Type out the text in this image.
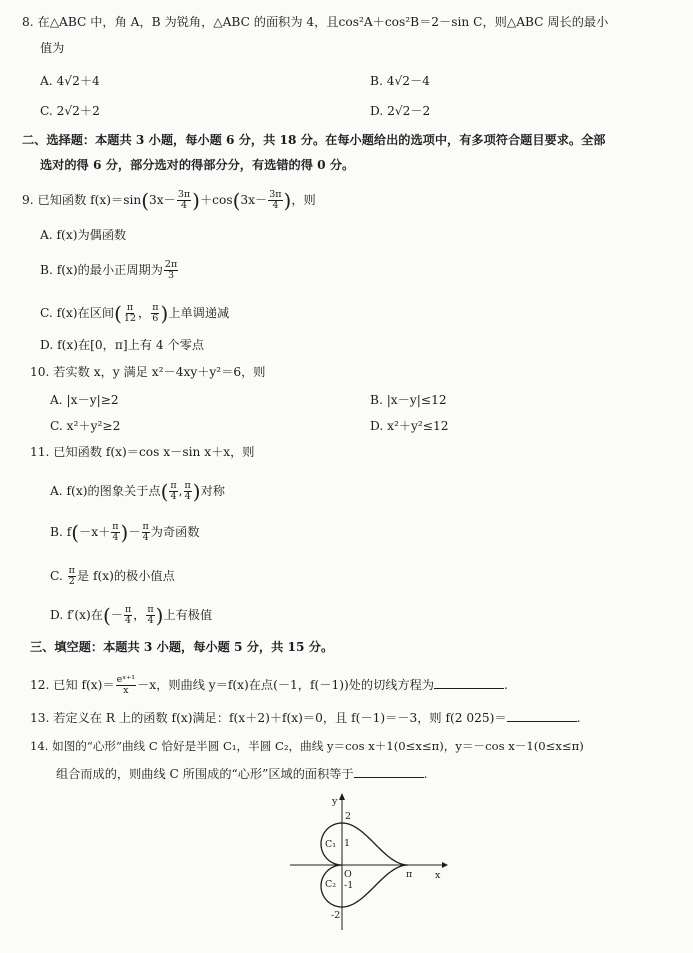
8. 在△ABC 中，角 A，B 为锐角，△ABC 的面积为 4，且cos²A＋cos²B＝2－sin C，则△ABC 周长的最小
值为
A. 4√2＋4	B. 4√2－4
C. 2√2＋2	D. 2√2－2
二、选择题：本题共 3 小题，每小题 6 分，共 18 分。在每小题给出的选项中，有多项符合题目要求。全部
选对的得 6 分，部分选对的得部分分，有选错的得 0 分。
9. 已知函数 $f(x)=\sin(3x- \frac{3\pi}{4} )+\cos(3x- \frac{3\pi}{4}$ )，则
A. f(x)为偶函数
B. f(x)的最小正周期为 $\frac{2\pi}{3}$
C. f(x)在区间( $\frac{\pi}{12}$ ， $\frac{\pi}{6}$ )上单调递减
D. f(x)在[0，π]上有 4 个零点
10. 若实数 x，y 满足 x²－4xy＋y²＝6，则
A. |x－y|≥2	B. |x－y|≤12
C. x²＋y²≥2	D. x²＋y²≤12
11. 已知函数 f(x)＝cos x－sin x＋x，则
A. f(x)的图象关于点( $\frac{\pi}{4}$ , $\frac{\pi}{4}$ )对称
B. $f(-x+ \frac{\pi}{4}$ )－ $\frac{\pi}{4}$ 为奇函数
C. $\frac{\pi}{2}$ 是 f(x)的极小值点
D. f′(x)在(－ $\frac{\pi}{4}$ ， $\frac{\pi}{4}$ )上有极值
三、填空题：本题共 3 小题，每小题 5 分，共 15 分。
12. 已知 $f(x)= \frac{\text{eˣ⁺¹}}{x} -x$，则曲线 y＝f(x)在点(－1，f(－1))处的切线方程为	.
13. 若定义在 R 上的函数 f(x)满足：f(x＋2)＋f(x)＝0，且 f(－1)＝－3，则 f(2 025)＝	.
14. 如图的“心形”曲线 C 恰好是半圆 C₁，半圆 C₂，曲线 y＝cos x＋1(0≤x≤π)，y＝－cos x－1(0≤x≤π)
组合而成的，则曲线 C 所围成的“心形”区域的面积等于	.
y
x
O
2
1
-1
-2
π
C₁
C₂
